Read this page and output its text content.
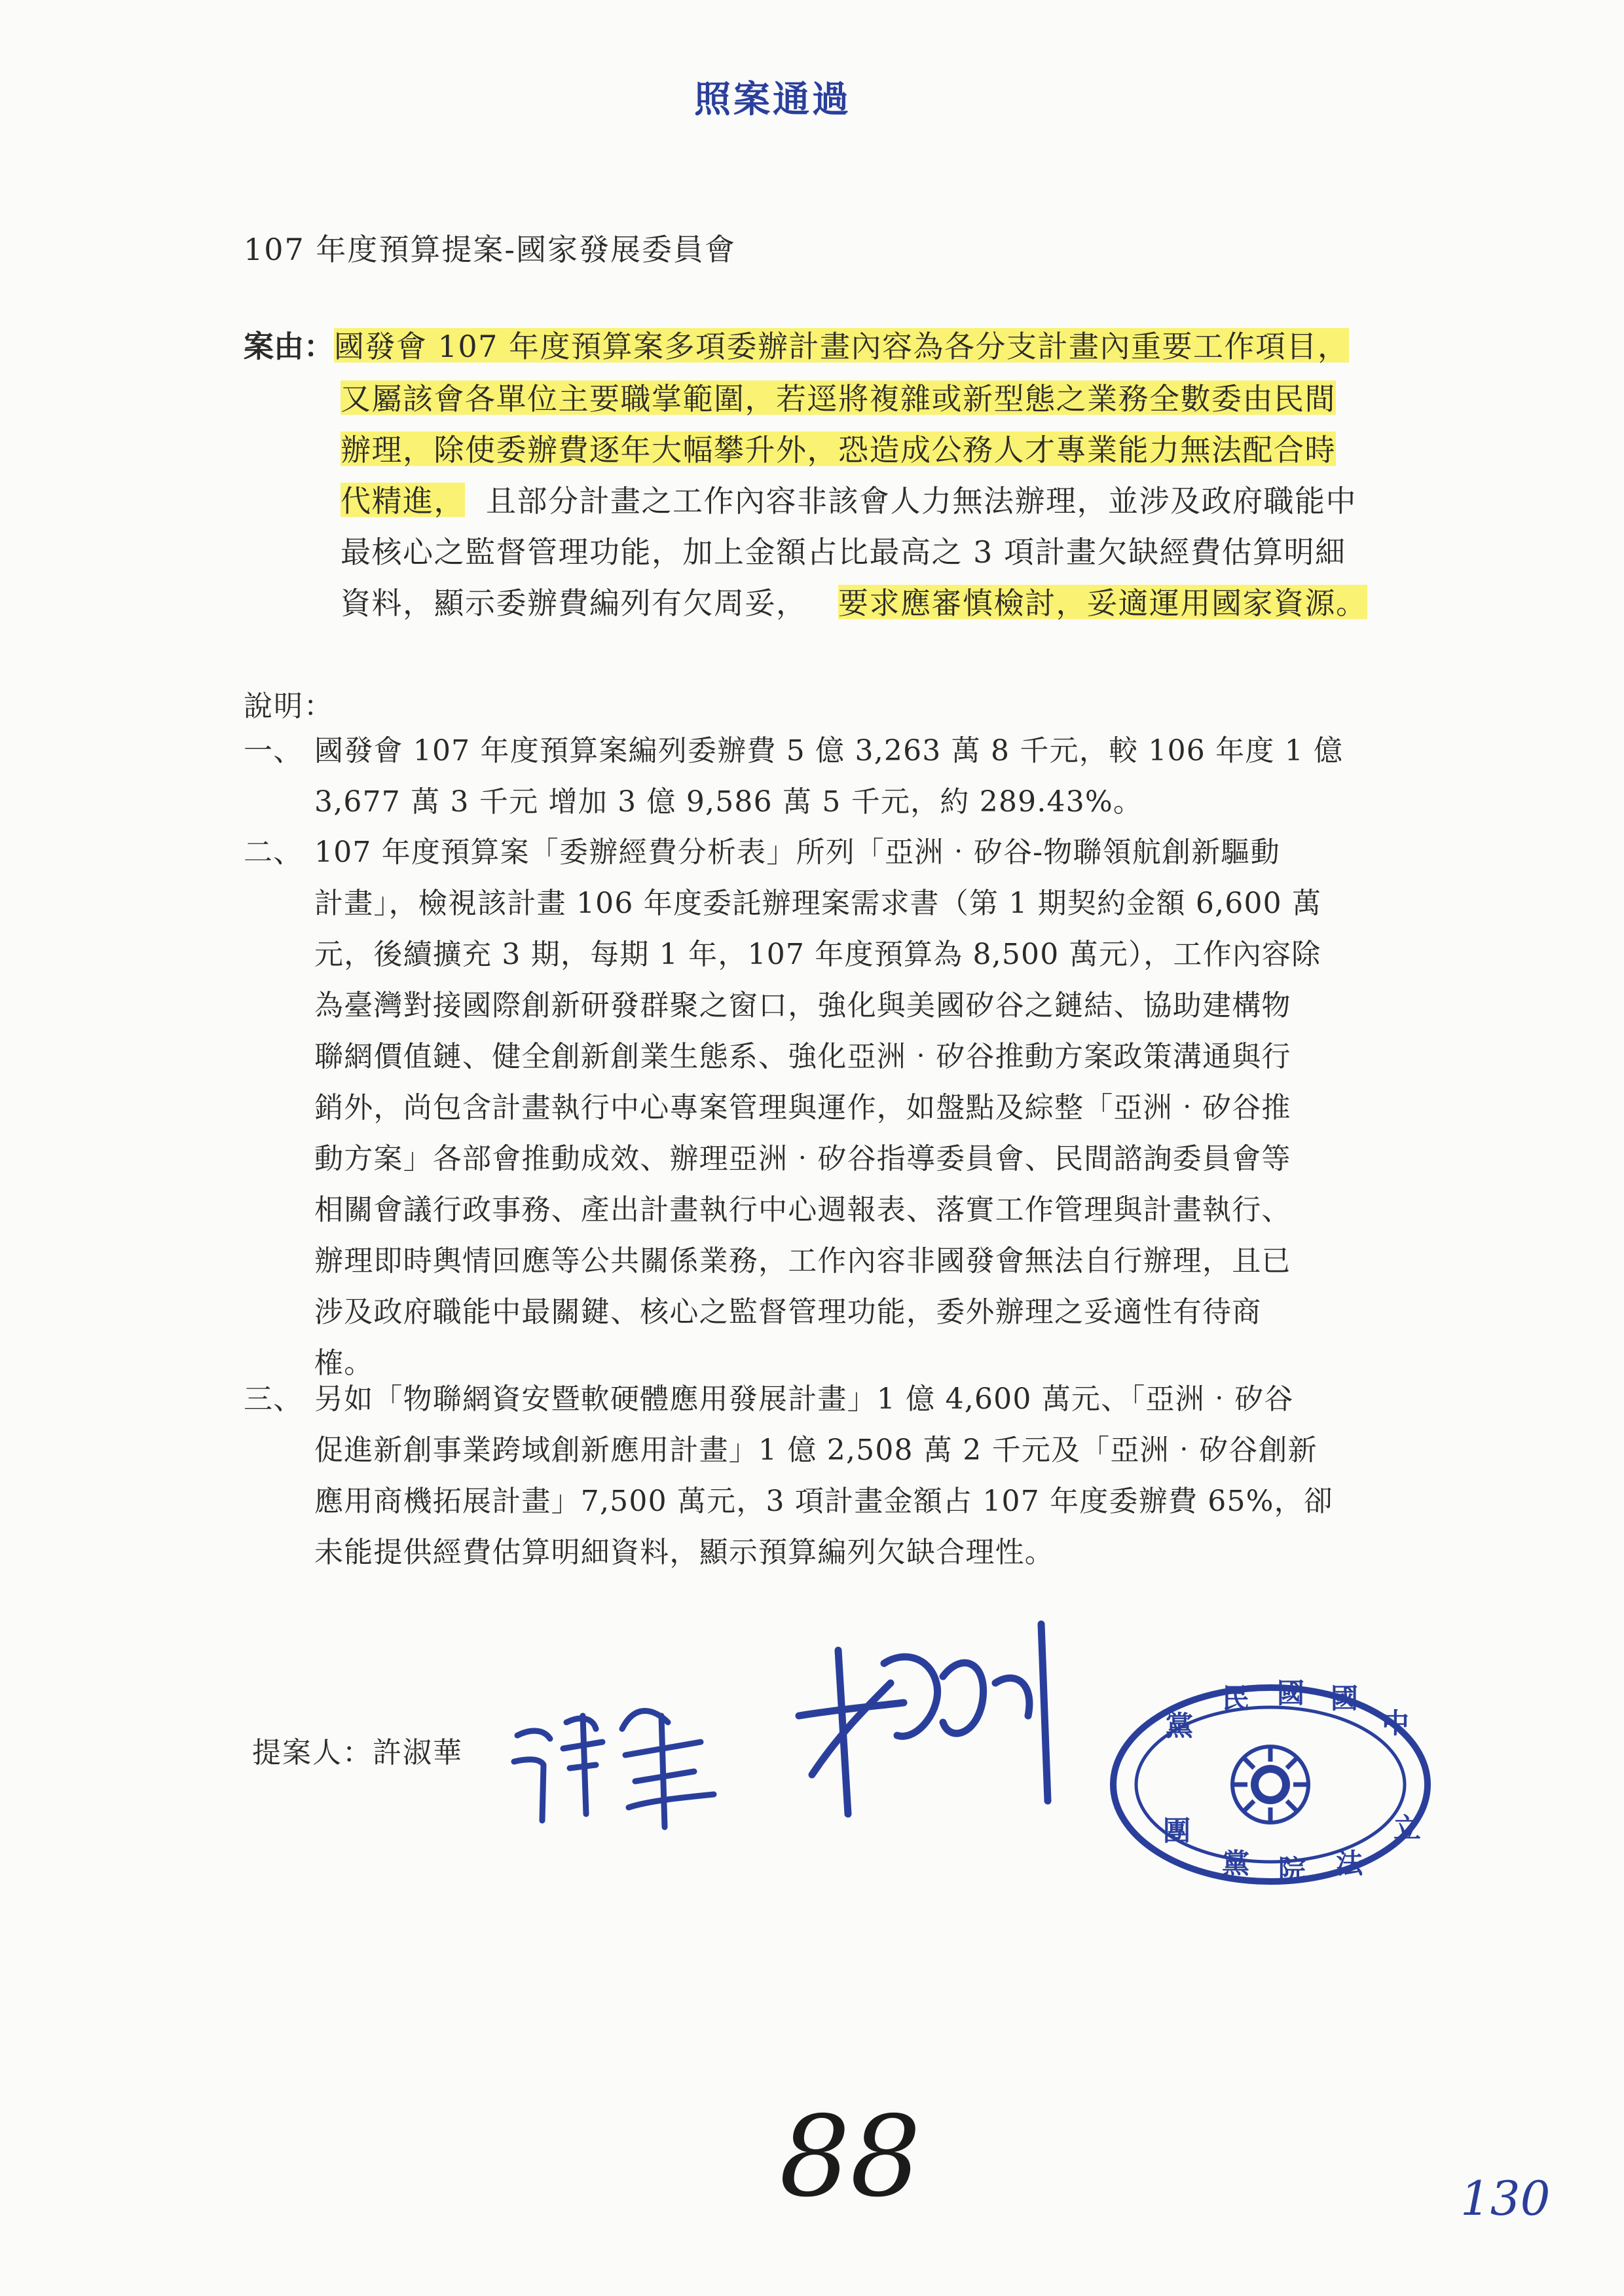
照案通過
107 年度預算提案-國家發展委員會
案由： 國發會 107 年度預算案多項委辦計畫內容為各分支計畫內重要工作項目，
又屬該會各單位主要職掌範圍，若逕將複雜或新型態之業務全數委由民間
辦理，除使委辦費逐年大幅攀升外，恐造成公務人才專業能力無法配合時
代精進， 且部分計畫之工作內容非該會人力無法辦理，並涉及政府職能中
最核心之監督管理功能，加上金額占比最高之 3 項計畫欠缺經費估算明細
資料，顯示委辦費編列有欠周妥， 要求應審慎檢討，妥適運用國家資源。
說明：
一、 國發會 107 年度預算案編列委辦費 5 億 3,263 萬 8 千元，較 106 年度 1 億
3,677 萬 3 千元 增加 3 億 9,586 萬 5 千元，約 289.43%。
二、 107 年度預算案「委辦經費分析表」所列「亞洲‧矽谷-物聯領航創新驅動
計畫」，檢視該計畫 106 年度委託辦理案需求書（第 1 期契約金額 6,600 萬
元，後續擴充 3 期，每期 1 年，107 年度預算為 8,500 萬元），工作內容除
為臺灣對接國際創新研發群聚之窗口，強化與美國矽谷之鏈結、協助建構物
聯網價值鏈、健全創新創業生態系、強化亞洲‧矽谷推動方案政策溝通與行
銷外，尚包含計畫執行中心專案管理與運作，如盤點及綜整「亞洲‧矽谷推
動方案」各部會推動成效、辦理亞洲‧矽谷指導委員會、民間諮詢委員會等
相關會議行政事務、產出計畫執行中心週報表、落實工作管理與計畫執行、
辦理即時輿情回應等公共關係業務，工作內容非國發會無法自行辦理，且已
涉及政府職能中最關鍵、核心之監督管理功能，委外辦理之妥適性有待商
榷。
三、 另如「物聯網資安暨軟硬體應用發展計畫」1 億 4,600 萬元、「亞洲‧矽谷
促進新創事業跨域創新應用計畫」1 億 2,508 萬 2 千元及「亞洲‧矽谷創新
應用商機拓展計畫」7,500 萬元，3 項計畫金額占 107 年度委辦費 65%，卻
未能提供經費估算明細資料，顯示預算編列欠缺合理性。
提案人：許淑華
中
國
國
民
黨
立
法
院
黨
團
88	130
